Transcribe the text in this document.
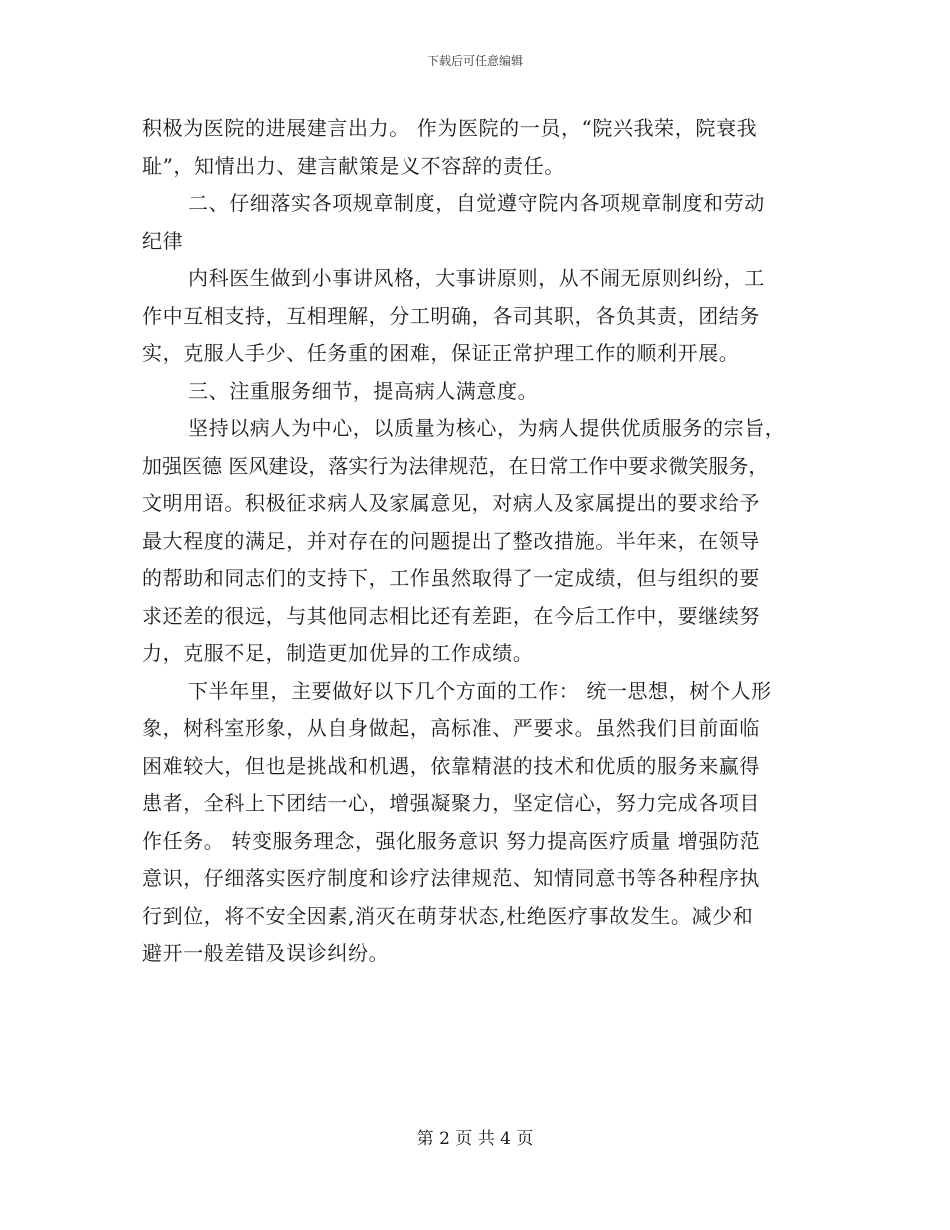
下载后可任意编辑
积极为医院的进展建言出力。 作为医院的一员，“院兴我荣，院衰我
耻”，知情出力、建言献策是义不容辞的责任。
二、仔细落实各项规章制度，自觉遵守院内各项规章制度和劳动
纪律
内科医生做到小事讲风格，大事讲原则，从不闹无原则纠纷，工
作中互相支持，互相理解，分工明确，各司其职，各负其责，团结务
实，克服人手少、任务重的困难，保证正常护理工作的顺利开展。
三、注重服务细节，提高病人满意度。
坚持以病人为中心，以质量为核心，为病人提供优质服务的宗旨，
加强医德 医风建设，落实行为法律规范，在日常工作中要求微笑服务，
文明用语。积极征求病人及家属意见，对病人及家属提出的要求给予
最大程度的满足，并对存在的问题提出了整改措施。半年来，在领导
的帮助和同志们的支持下，工作虽然取得了一定成绩，但与组织的要
求还差的很远，与其他同志相比还有差距，在今后工作中，要继续努
力，克服不足，制造更加优异的工作成绩。
下半年里，主要做好以下几个方面的工作： 统一思想，树个人形
象，树科室形象，从自身做起，高标准、严要求。虽然我们目前面临
困难较大，但也是挑战和机遇，依靠精湛的技术和优质的服务来赢得
患者，全科上下团结一心，增强凝聚力，坚定信心，努力完成各项目
作任务。 转变服务理念，强化服务意识 努力提高医疗质量 增强防范
意识，仔细落实医疗制度和诊疗法律规范、知情同意书等各种程序执
行到位，将不安全因素,消灭在萌芽状态,杜绝医疗事故发生。减少和
避开一般差错及误诊纠纷。
第 2 页 共 4 页
